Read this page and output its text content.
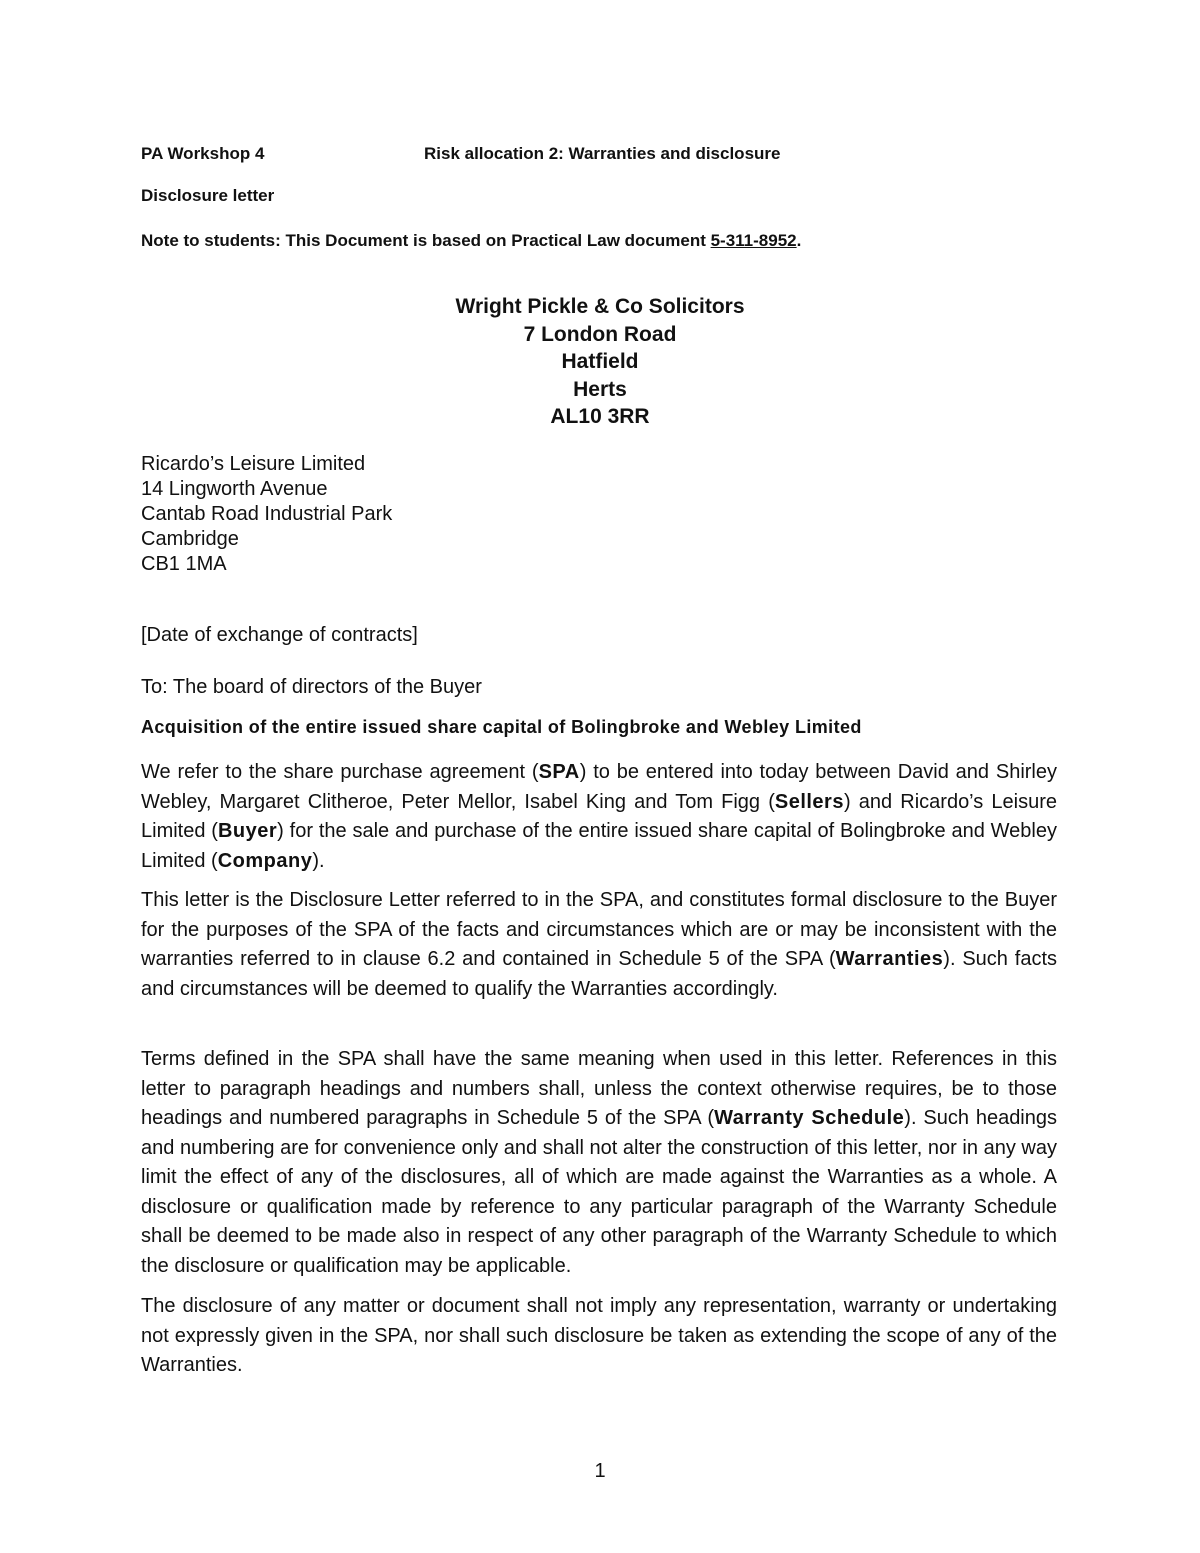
PA Workshop 4	Risk allocation 2: Warranties and disclosure
Disclosure letter
Note to students: This Document is based on Practical Law document 5-311-8952.
Wright Pickle & Co Solicitors
7 London Road
Hatfield
Herts
AL10 3RR
Ricardo’s Leisure Limited
14 Lingworth Avenue
Cantab Road Industrial Park
Cambridge
CB1 1MA
[Date of exchange of contracts]
To: The board of directors of the Buyer
Acquisition of the entire issued share capital of Bolingbroke and Webley Limited
We refer to the share purchase agreement (SPA) to be entered into today between David and Shirley Webley, Margaret Clitheroe, Peter Mellor, Isabel King and Tom Figg (Sellers) and Ricardo’s Leisure Limited (Buyer) for the sale and purchase of the entire issued share capital of Bolingbroke and Webley Limited (Company).
This letter is the Disclosure Letter referred to in the SPA, and constitutes formal disclosure to the Buyer for the purposes of the SPA of the facts and circumstances which are or may be inconsistent with the warranties referred to in clause 6.2 and contained in Schedule 5 of the SPA (Warranties). Such facts and circumstances will be deemed to qualify the Warranties accordingly.
Terms defined in the SPA shall have the same meaning when used in this letter. References in this letter to paragraph headings and numbers shall, unless the context otherwise requires, be to those headings and numbered paragraphs in Schedule 5 of the SPA (Warranty Schedule). Such headings and numbering are for convenience only and shall not alter the construction of this letter, nor in any way limit the effect of any of the disclosures, all of which are made against the Warranties as a whole. A disclosure or qualification made by reference to any particular paragraph of the Warranty Schedule shall be deemed to be made also in respect of any other paragraph of the Warranty Schedule to which the disclosure or qualification may be applicable.
The disclosure of any matter or document shall not imply any representation, warranty or undertaking not expressly given in the SPA, nor shall such disclosure be taken as extending the scope of any of the Warranties.
1
